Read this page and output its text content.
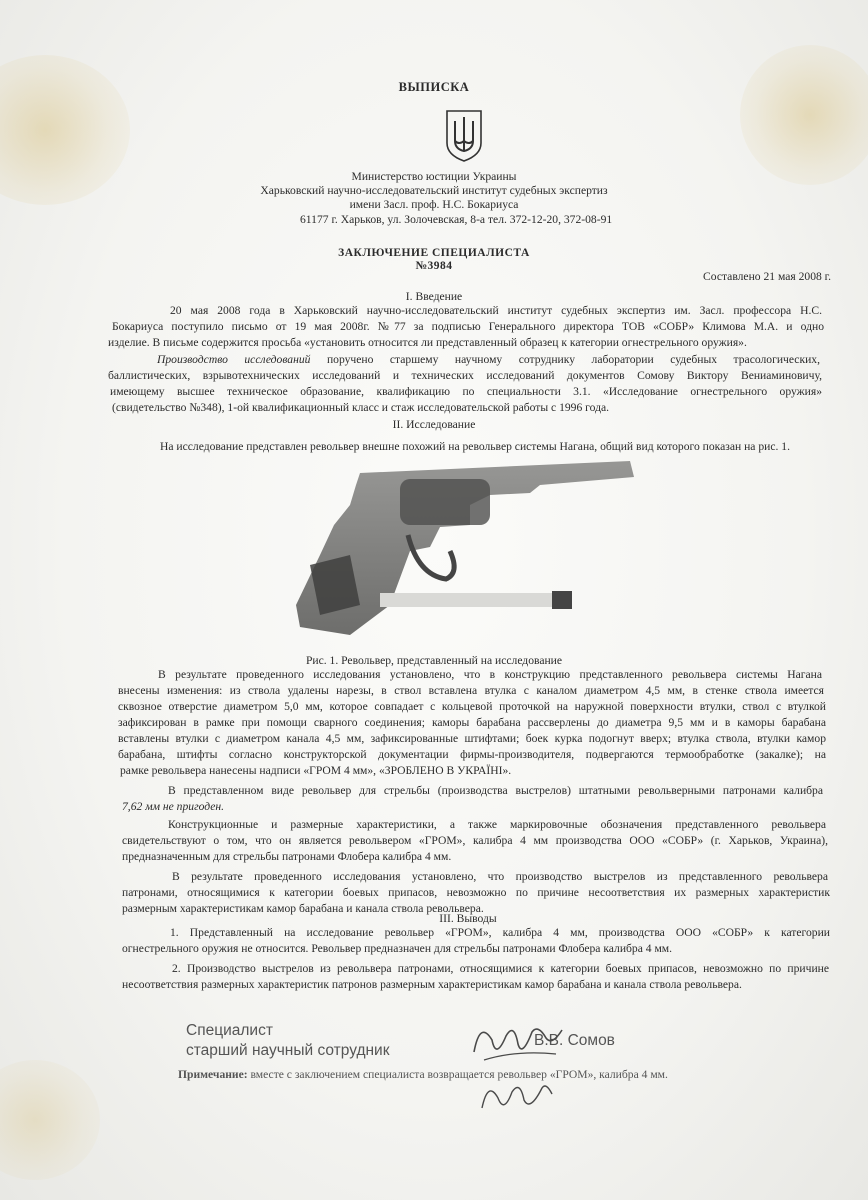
ВЫПИСКА
Министерство юстиции Украины
Харьковский научно-исследовательский институт судебных экспертиз
имени Засл. проф. Н.С. Бокариуса
61177 г. Харьков, ул. Золочевская, 8-а тел. 372-12-20, 372-08-91
ЗАКЛЮЧЕНИЕ СПЕЦИАЛИСТА
№3984
Составлено 21 мая 2008 г.
I. Введение
20 мая 2008 года в Харьковский научно-исследовательский институт судебных экспертиз им. Засл. профессора Н.С.
Бокариуса поступило письмо от 19 мая 2008г. №77 за подписью Генерального директора ТОВ «СОБР» Климова М.А. и одно
изделие. В письме содержится просьба «установить относится ли представленный образец к категории огнестрельного оружия».
Производство исследований поручено старшему научному сотруднику лаборатории судебных трасологических,
баллистических, взрывотехнических исследований и технических исследований документов Сомову Виктору Вениаминовичу,
имеющему высшее техническое образование, квалификацию по специальности 3.1. «Исследование огнестрельного оружия»
(свидетельство №348), 1-ой квалификационный класс и стаж исследовательской работы с 1996 года.
II. Исследование
На исследование представлен револьвер внешне похожий на револьвер системы Нагана, общий вид которого показан на рис. 1.
Рис. 1. Револьвер, представленный на исследование
В результате проведенного исследования установлено, что в конструкцию представленного револьвера системы Нагана
внесены изменения: из ствола удалены нарезы, в ствол вставлена втулка с каналом диаметром 4,5 мм, в стенке ствола имеется
сквозное отверстие диаметром 5,0 мм, которое совпадает с кольцевой проточкой на наружной поверхности втулки, ствол с втулкой
зафиксирован в рамке при помощи сварного соединения; каморы барабана рассверлены до диаметра 9,5 мм и в каморы барабана
вставлены втулки с диаметром канала 4,5 мм, зафиксированные штифтами; боек курка подогнут вверх; втулка ствола, втулки камор
барабана, штифты согласно конструкторской документации фирмы-производителя, подвергаются термообработке (закалке); на
рамке револьвера нанесены надписи «ГРОМ 4 мм», «ЗРОБЛЕНО В УКРАЇНІ».
В представленном виде револьвер для стрельбы (производства выстрелов) штатными револьверными патронами калибра
7,62 мм не пригоден.
Конструкционные и размерные характеристики, а также маркировочные обозначения представленного револьвера
свидетельствуют о том, что он является револьвером «ГРОМ», калибра 4 мм производства ООО «СОБР» (г. Харьков, Украина),
предназначенным для стрельбы патронами Флобера калибра 4 мм.
В результате проведенного исследования установлено, что производство выстрелов из представленного револьвера
патронами, относящимися к категории боевых припасов, невозможно по причине несоответствия их размерных характеристик
размерным характеристикам камор барабана и канала ствола револьвера.
III. Выводы
1. Представленный на исследование револьвер «ГРОМ», калибра 4 мм, производства ООО «СОБР» к категории
огнестрельного оружия не относится. Револьвер предназначен для стрельбы патронами Флобера калибра 4 мм.
2. Производство выстрелов из револьвера патронами, относящимися к категории боевых припасов, невозможно по причине
несоответствия размерных характеристик патронов размерным характеристикам камор барабана и канала ствола револьвера.
Специалист
старший научный сотрудник
В.В. Сомов
Примечание: вместе с заключением специалиста возвращается револьвер «ГРОМ», калибра 4 мм.
